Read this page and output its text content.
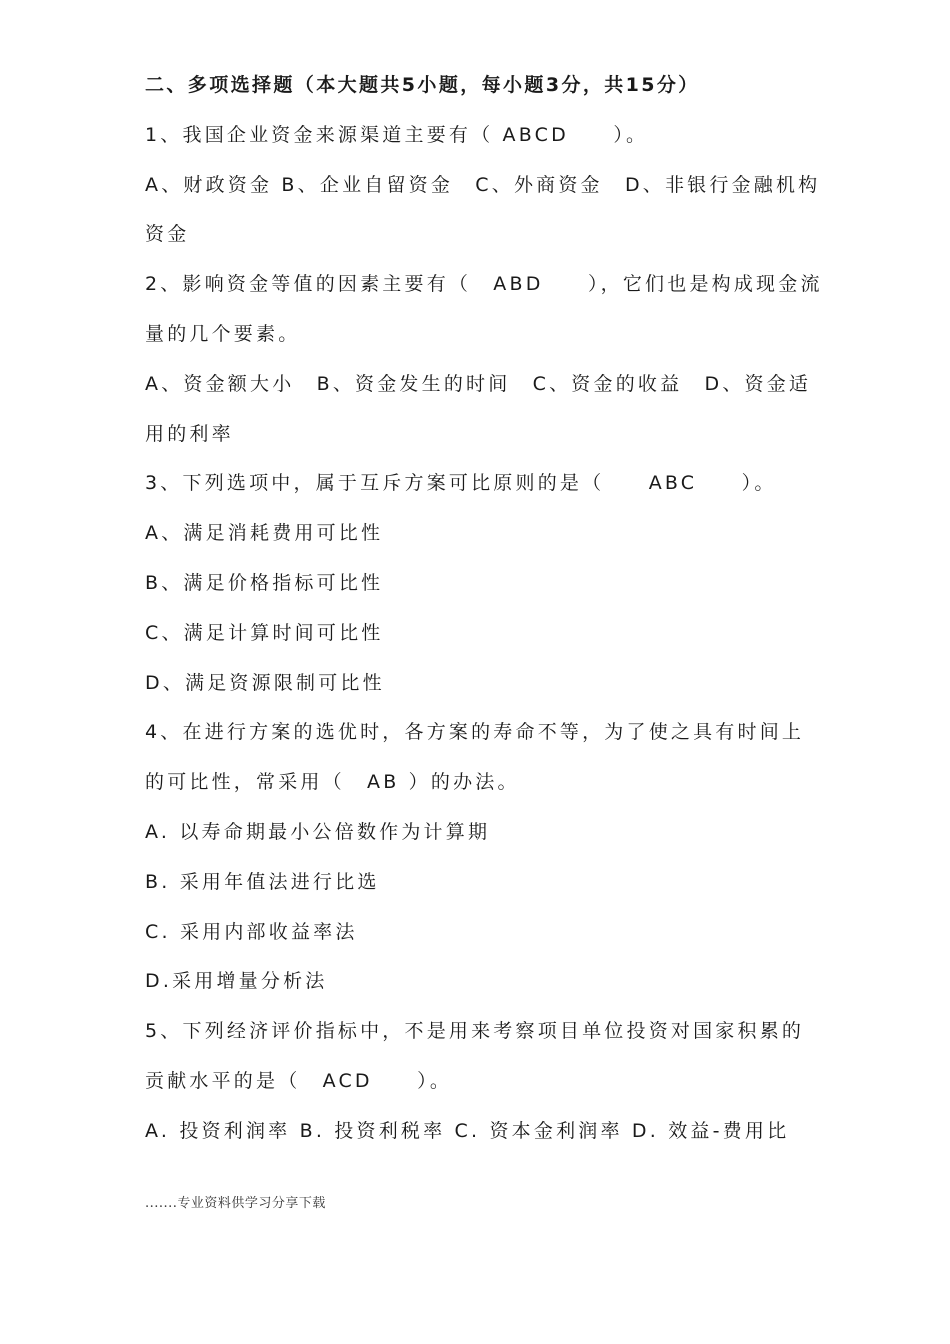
二、多项选择题（本大题共5小题，每小题3分，共15分）
1、我国企业资金来源渠道主要有（ ABCD　　）。
A、财政资金 B、企业自留资金　C、外商资金　D、非银行金融机构
资金
2、影响资金等值的因素主要有（　ABD　　），它们也是构成现金流
量的几个要素。
A、资金额大小　B、资金发生的时间　C、资金的收益　D、资金适
用的利率
3、下列选项中，属于互斥方案可比原则的是（　　ABC　　）。
A、满足消耗费用可比性
B、满足价格指标可比性
C、满足计算时间可比性
D、满足资源限制可比性
4、在进行方案的选优时，各方案的寿命不等，为了使之具有时间上
的可比性，常采用（　AB ）的办法。
A. 以寿命期最小公倍数作为计算期
B. 采用年值法进行比选
C. 采用内部收益率法
D.采用增量分析法
5、下列经济评价指标中，不是用来考察项目单位投资对国家积累的
贡献水平的是（　ACD　　）。
A. 投资利润率 B. 投资利税率 C. 资本金利润率 D. 效益-费用比
.......专业资料供学习分享下载
